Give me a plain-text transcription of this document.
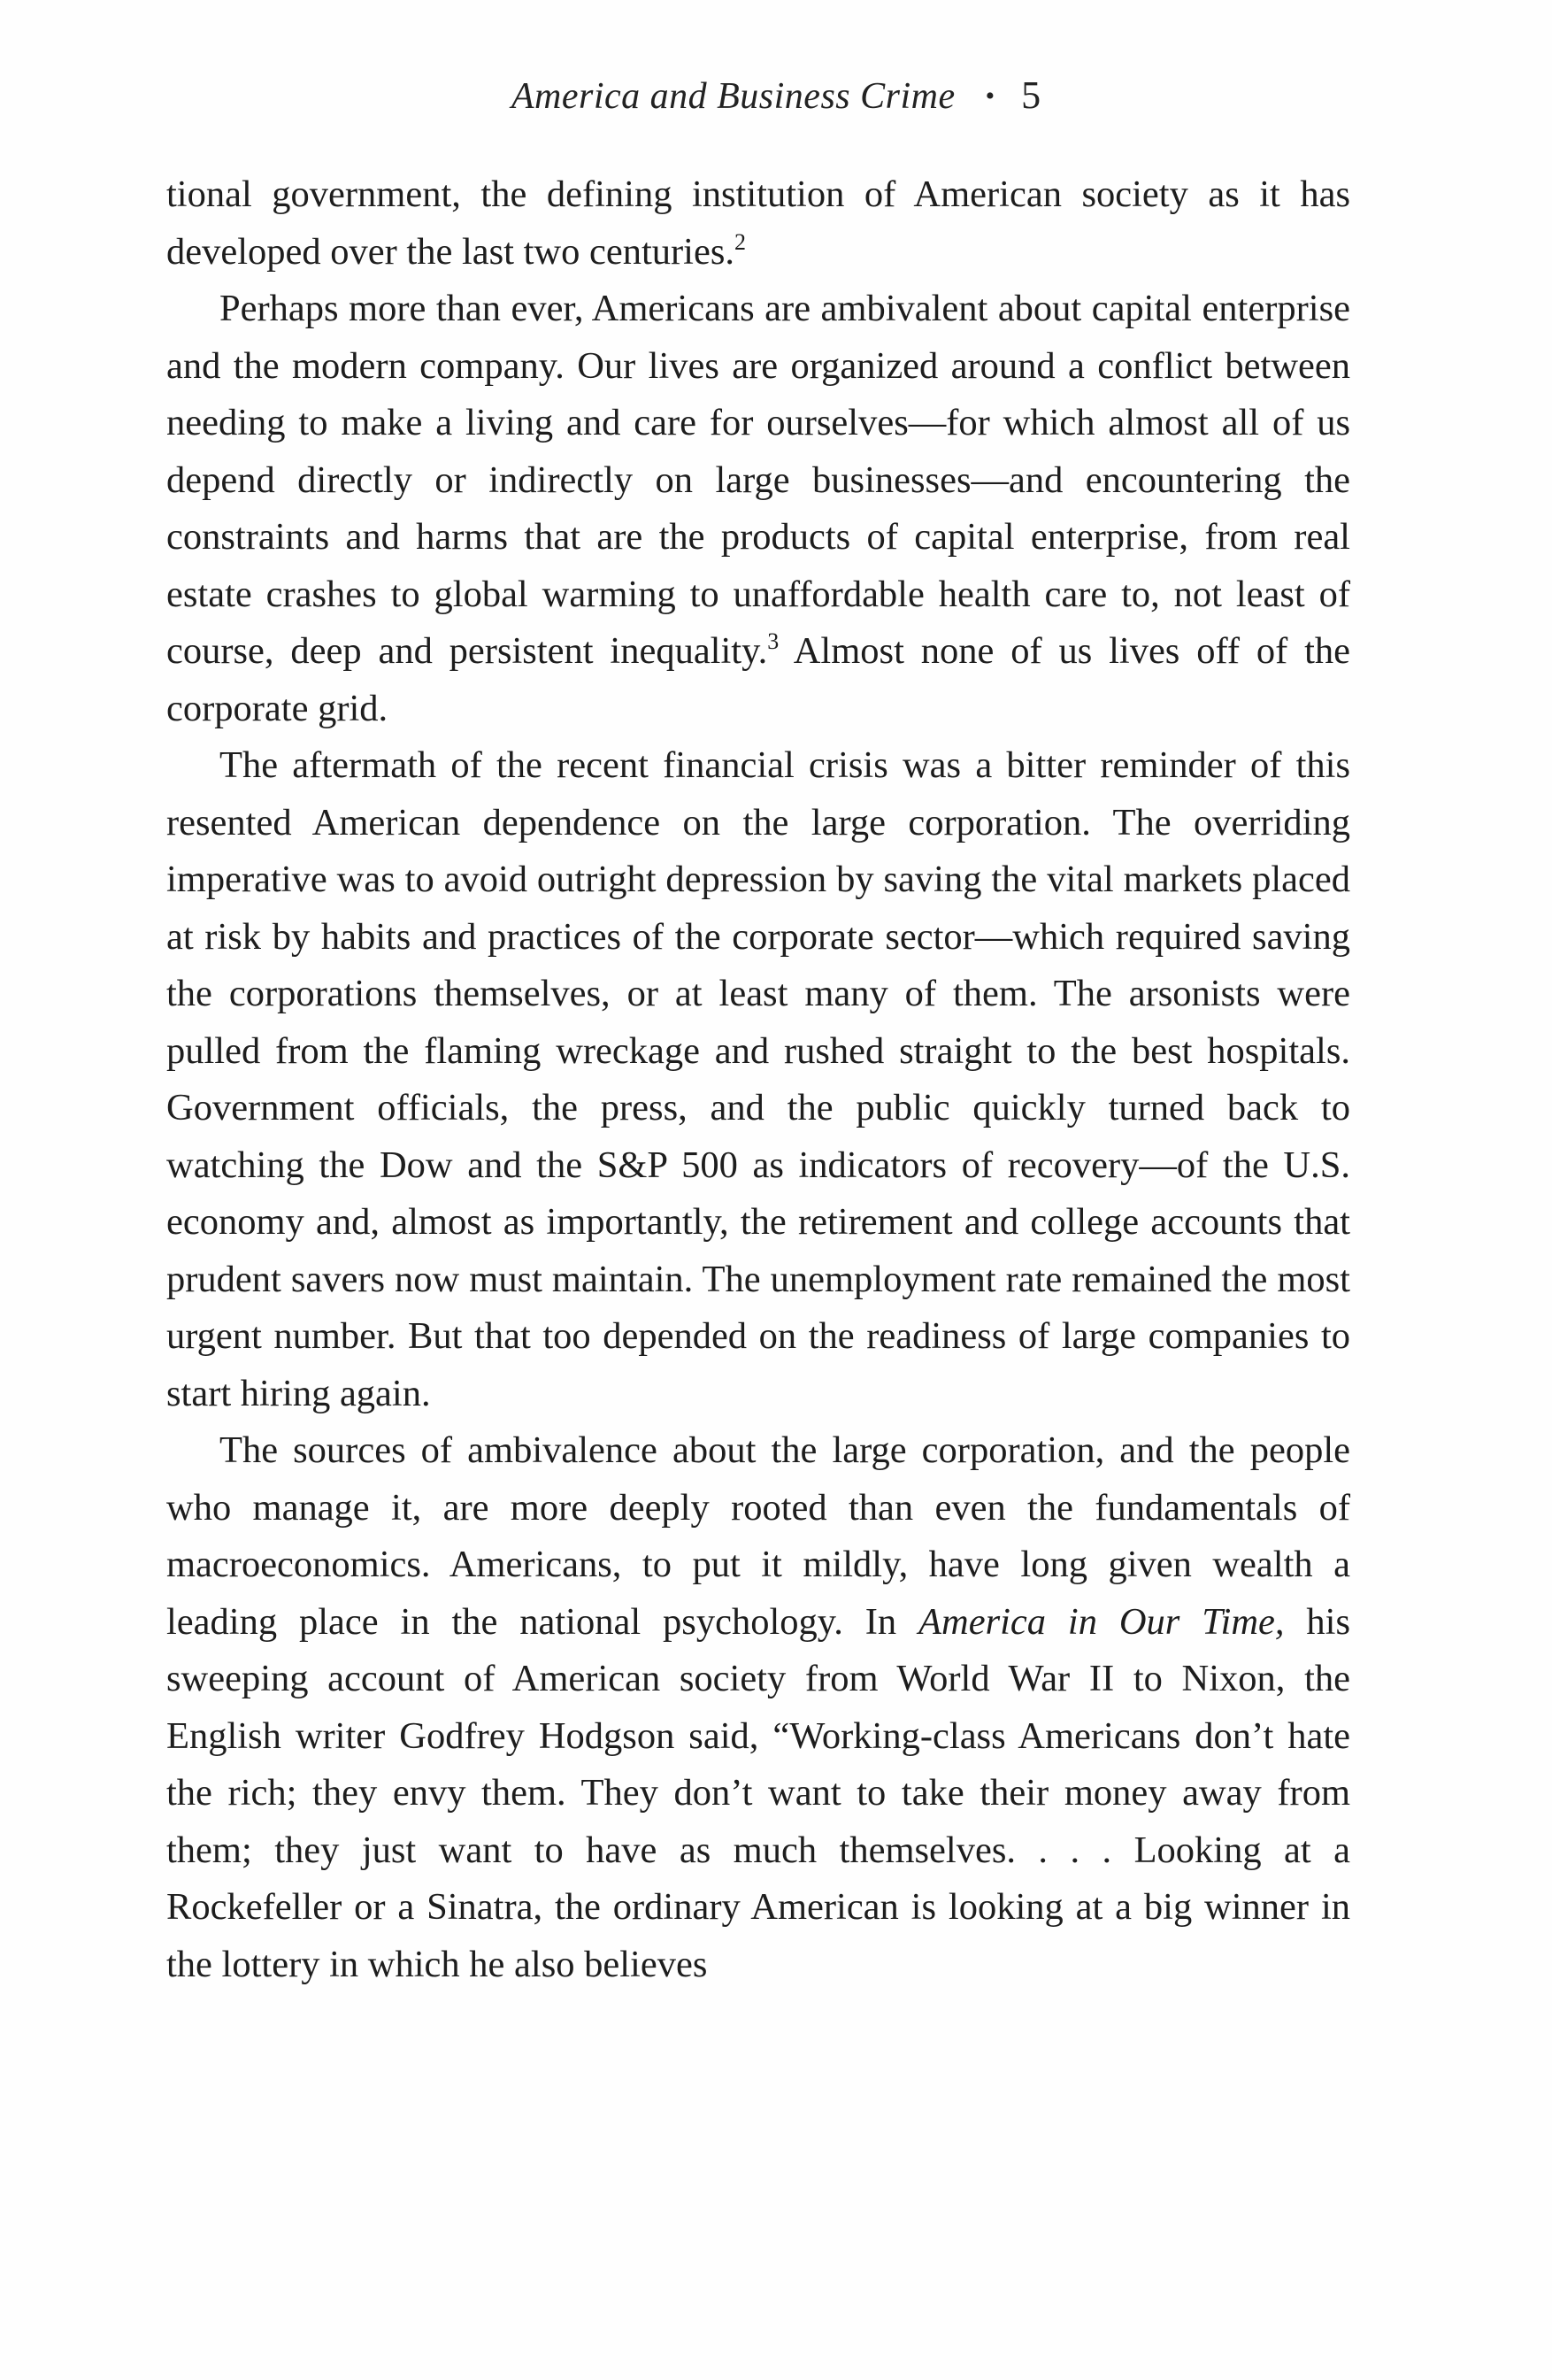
America and Business Crime • 5

tional government, the defining institution of American society as it has developed over the last two centuries.$^2$

Perhaps more than ever, Americans are ambivalent about capital enterprise and the modern company. Our lives are organized around a conflict between needing to make a living and care for ourselves—for which almost all of us depend directly or indirectly on large businesses—and encountering the constraints and harms that are the products of capital enterprise, from real estate crashes to global warming to unaffordable health care to, not least of course, deep and persistent inequality.$^3$ Almost none of us lives off of the corporate grid.

The aftermath of the recent financial crisis was a bitter reminder of this resented American dependence on the large corporation. The overriding imperative was to avoid outright depression by saving the vital markets placed at risk by habits and practices of the corporate sector—which required saving the corporations themselves, or at least many of them. The arsonists were pulled from the flaming wreckage and rushed straight to the best hospitals. Government officials, the press, and the public quickly turned back to watching the Dow and the S&P 500 as indicators of recovery—of the U.S. economy and, almost as importantly, the retirement and college accounts that prudent savers now must maintain. The unemployment rate remained the most urgent number. But that too depended on the readiness of large companies to start hiring again.

The sources of ambivalence about the large corporation, and the people who manage it, are more deeply rooted than even the fundamentals of macroeconomics. Americans, to put it mildly, have long given wealth a leading place in the national psychology. In America in Our Time, his sweeping account of American society from World War II to Nixon, the English writer Godfrey Hodgson said, “Working-class Americans don’t hate the rich; they envy them. They don’t want to take their money away from them; they just want to have as much themselves. . . . Looking at a Rockefeller or a Sinatra, the ordinary American is looking at a big winner in the lottery in which he also believes
